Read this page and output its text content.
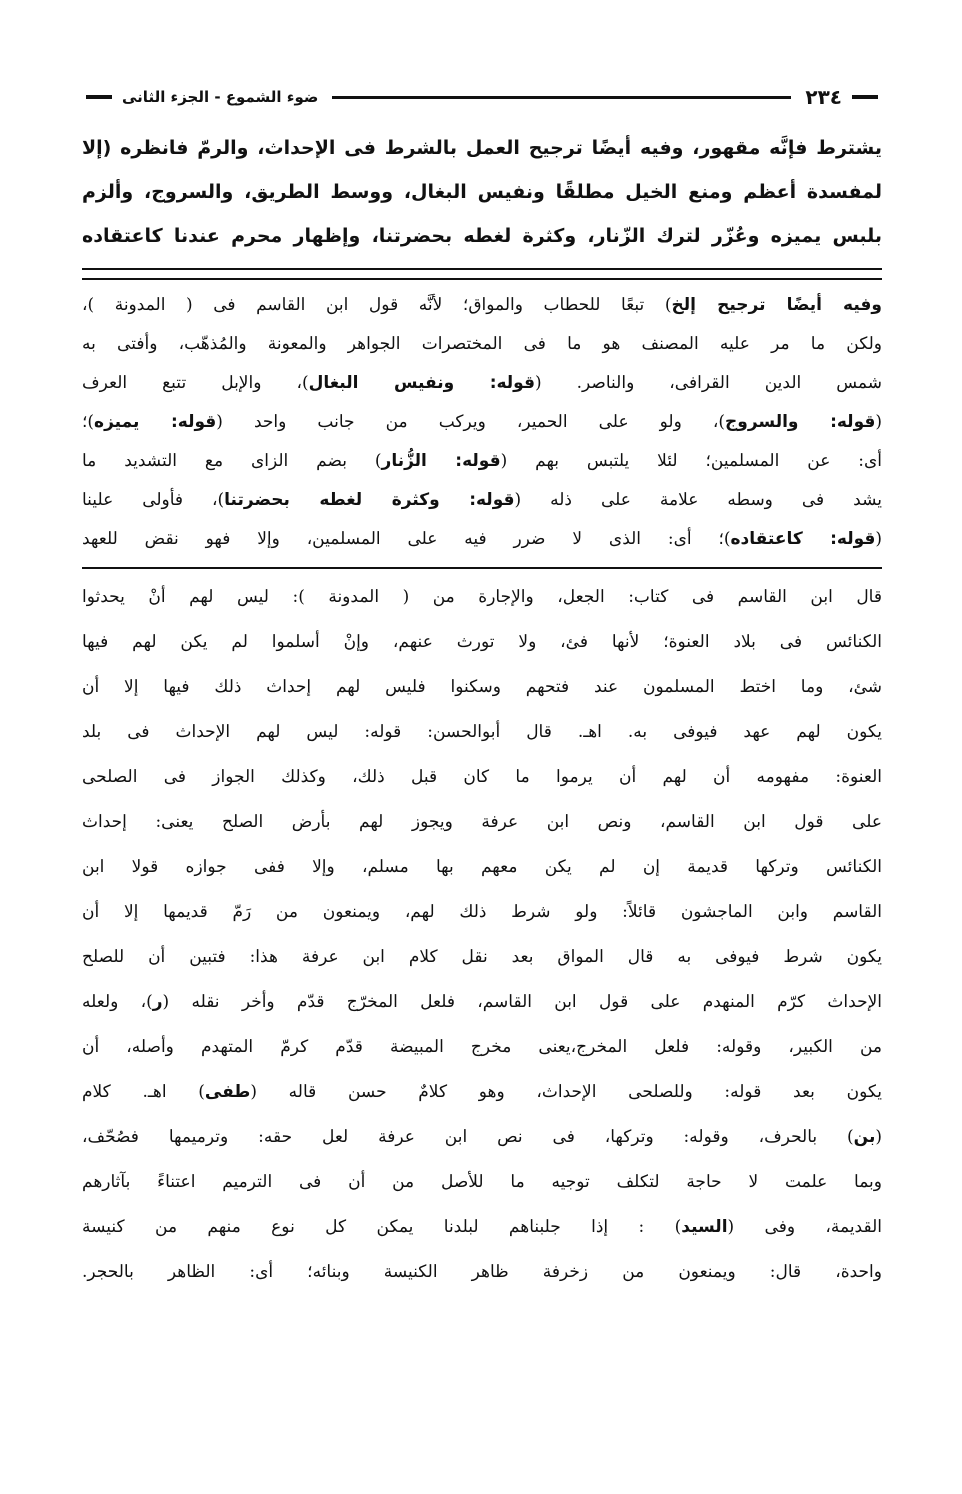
٢٣٤
ضوء الشموع - الجزء الثانى
يشترط فإنَّه مقهور، وفيه أيضًا ترجيح العمل بالشرط فى الإحداث، والرمّ فانظره (إلا
لمفسدة أعظم ومنع الخيل مطلقًا ونفيس البغال، ووسط الطريق، والسروج، وألزم
بلبس يميزه وعُزّر لترك الزّنار، وكثرة لغطه بحضرتنا، وإظهار محرم عندنا كاعتقاده
وفيه أيضًا ترجيح إلخ) تبعًا للحطاب والمواق؛ لأنَّه قول ابن القاسم فى ( المدونة )،
ولكن ما مر عليه المصنف هو ما فى المختصرات الجواهر والمعونة والمُذهّب، وأفتى به
شمس الدين القرافى، والناصر. (قوله: ونفيس البغال)، والإبل تتبع العرف
(قوله: والسروج)، ولو على الحمير، ويركب من جانب واحد (قوله: يميزه)؛
أى: عن المسلمين؛ لئلا يلتبس بهم (قوله: الزُّنار) بضم الزاى مع التشديد ما
يشد فى وسطه علامة على ذله (قوله: وكثرة لغطه بحضرتنا)، فأولى علينا
(قوله: كاعتقاده)؛ أى: الذى لا ضرر فيه على المسلمين، وإلا فهو نقض للعهد
قال ابن القاسم فى كتاب: الجعل، والإجارة من ( المدونة ): ليس لهم أنْ يحدثوا
الكنائس فى بلاد العنوة؛ لأنها فئ، ولا تورث عنهم، وإنْ أسلموا لم يكن لهم فيها
شئ، وما اختط المسلمون عند فتحهم وسكنوا فليس لهم إحداث ذلك فيها إلا أن
يكون لهم عهد فيوفى به. اهـ. قال أبوالحسن: قوله: ليس لهم الإحداث فى بلد
العنوة: مفهومه أن لهم أن يرموا ما كان قبل ذلك، وكذلك الجواز فى الصلحى
على قول ابن القاسم، ونص ابن عرفة ويجوز لهم بأرض الصلح يعنى: إحداث
الكنائس وتركها قديمة إن لم يكن معهم بها مسلم، وإلا ففى جوازه قولا ابن
القاسم وابن الماجشون قائلاً: ولو شرط ذلك لهم، ويمنعون من رَمّ قديمها إلا أن
يكون شرط فيوفى به قال المواق بعد نقل كلام ابن عرفة هذا: فتبين أن للصلح
الإحداث كرّم المنهدم على قول ابن القاسم، فلعل المخرّج قدّم وأخر نقله (ر)، ولعله
من الكبير، وقوله: فلعل المخرج،يعنى مخرج المبيضة قدّم كرمّ المتهدم وأصله، أن
يكون بعد قوله: وللصلحى الإحداث، وهو كلامٌ حسن قاله (طفى) اهـ. كلام
(بن) بالحرف، وقوله: وتركها، فى نص ابن عرفة لعل حقه: وترميمها فصُحّف،
وبما علمت لا حاجة لتكلف توجيه ما للأصل من أن فى الترميم اعتناءً بآثارهم
القديمة، وفى (السيد) : إذا جلبناهم لبلدنا يمكن كل نوع منهم من كنيسة
واحدة، قال: ويمنعون من زخرفة ظاهر الكنيسة وبنائه؛ أى: الظاهر بالحجر.
